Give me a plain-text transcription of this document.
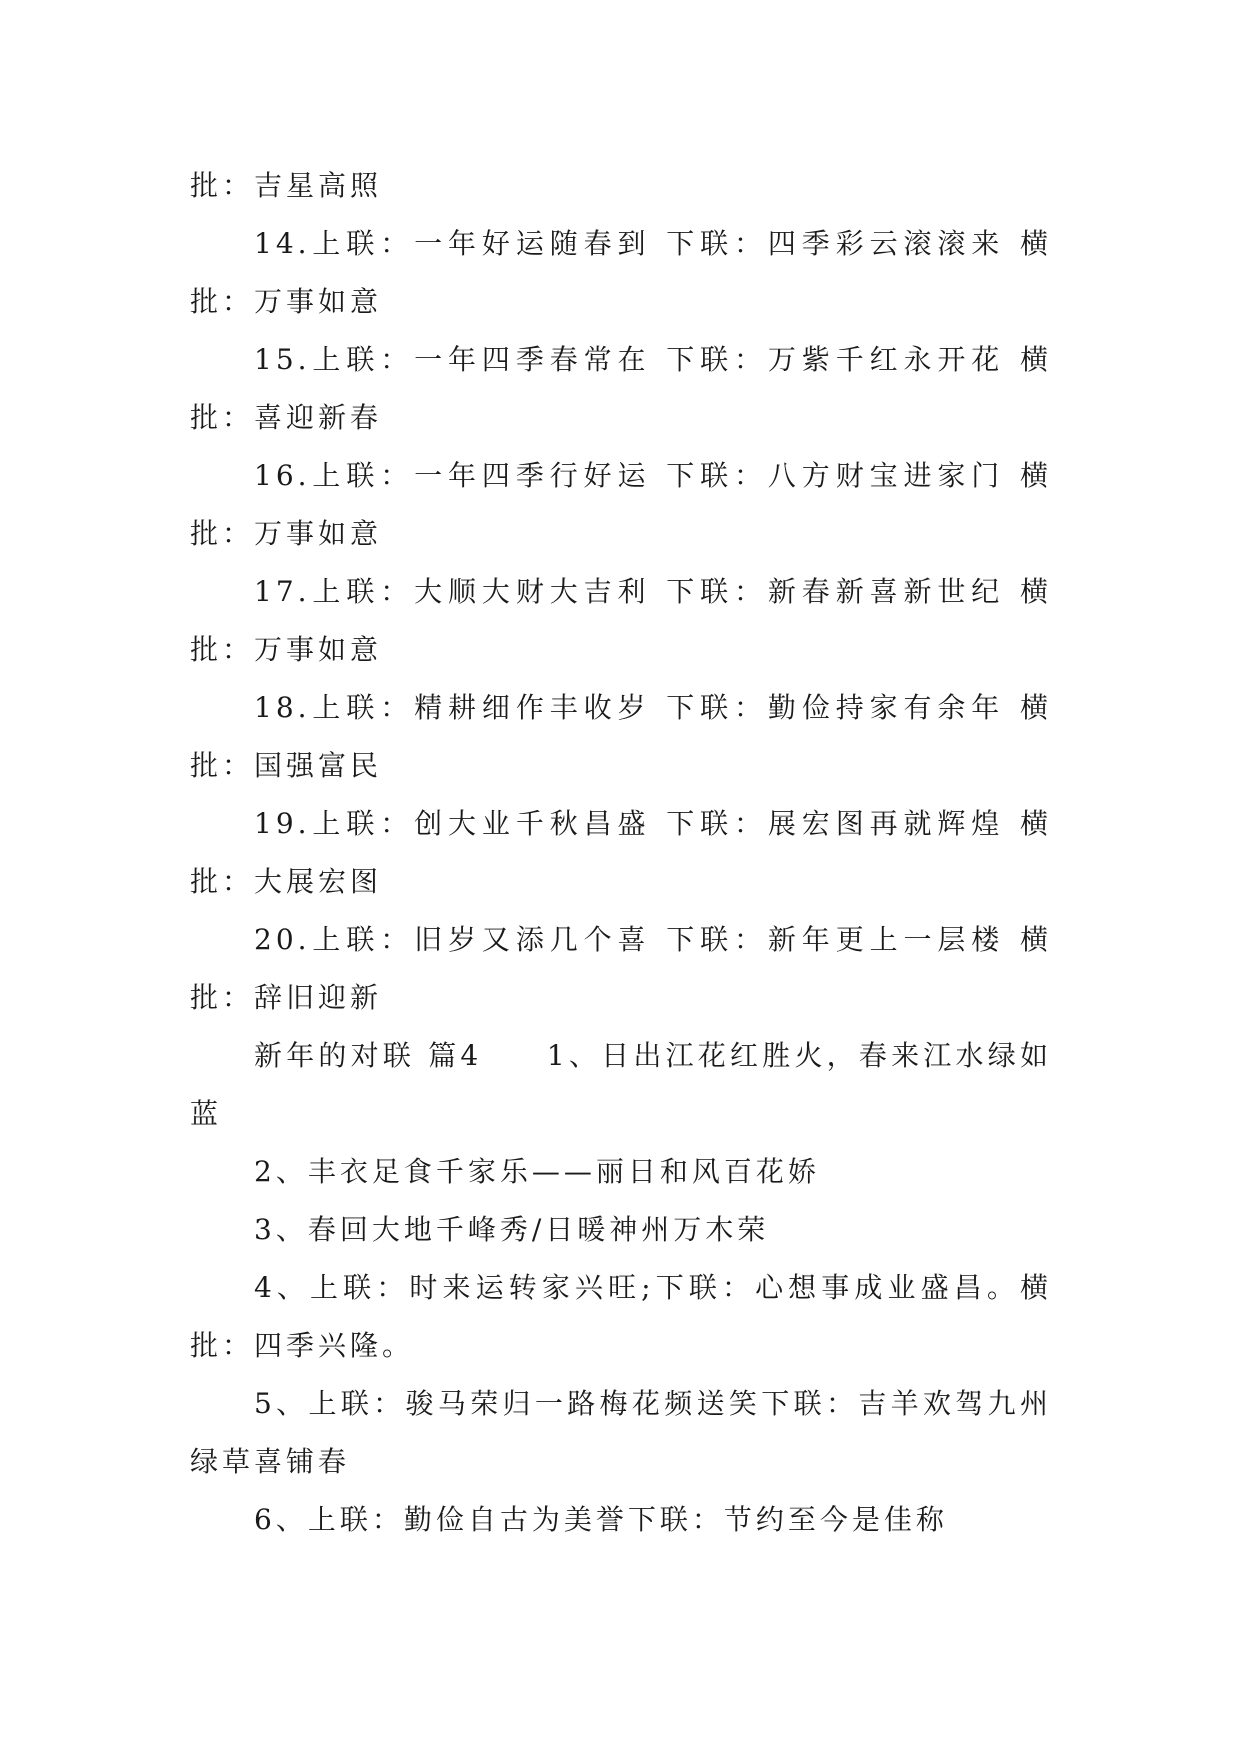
批：吉星高照

14.上联：一年好运随春到 下联：四季彩云滚滚来 横批：万事如意

15.上联：一年四季春常在 下联：万紫千红永开花 横批：喜迎新春

16.上联：一年四季行好运 下联：八方财宝进家门 横批：万事如意

17.上联：大顺大财大吉利 下联：新春新喜新世纪 横批：万事如意

18.上联：精耕细作丰收岁 下联：勤俭持家有余年 横批：国强富民

19.上联：创大业千秋昌盛 下联：展宏图再就辉煌 横批：大展宏图

20.上联：旧岁又添几个喜 下联：新年更上一层楼 横批：辞旧迎新

新年的对联 篇4　　1、日出江花红胜火，春来江水绿如蓝

2、丰衣足食千家乐——丽日和风百花娇

3、春回大地千峰秀/日暖神州万木荣

4、上联：时来运转家兴旺;下联：心想事成业盛昌。横批：四季兴隆。

5、上联：骏马荣归一路梅花频送笑下联：吉羊欢驾九州绿草喜铺春

6、上联：勤俭自古为美誉下联：节约至今是佳称
